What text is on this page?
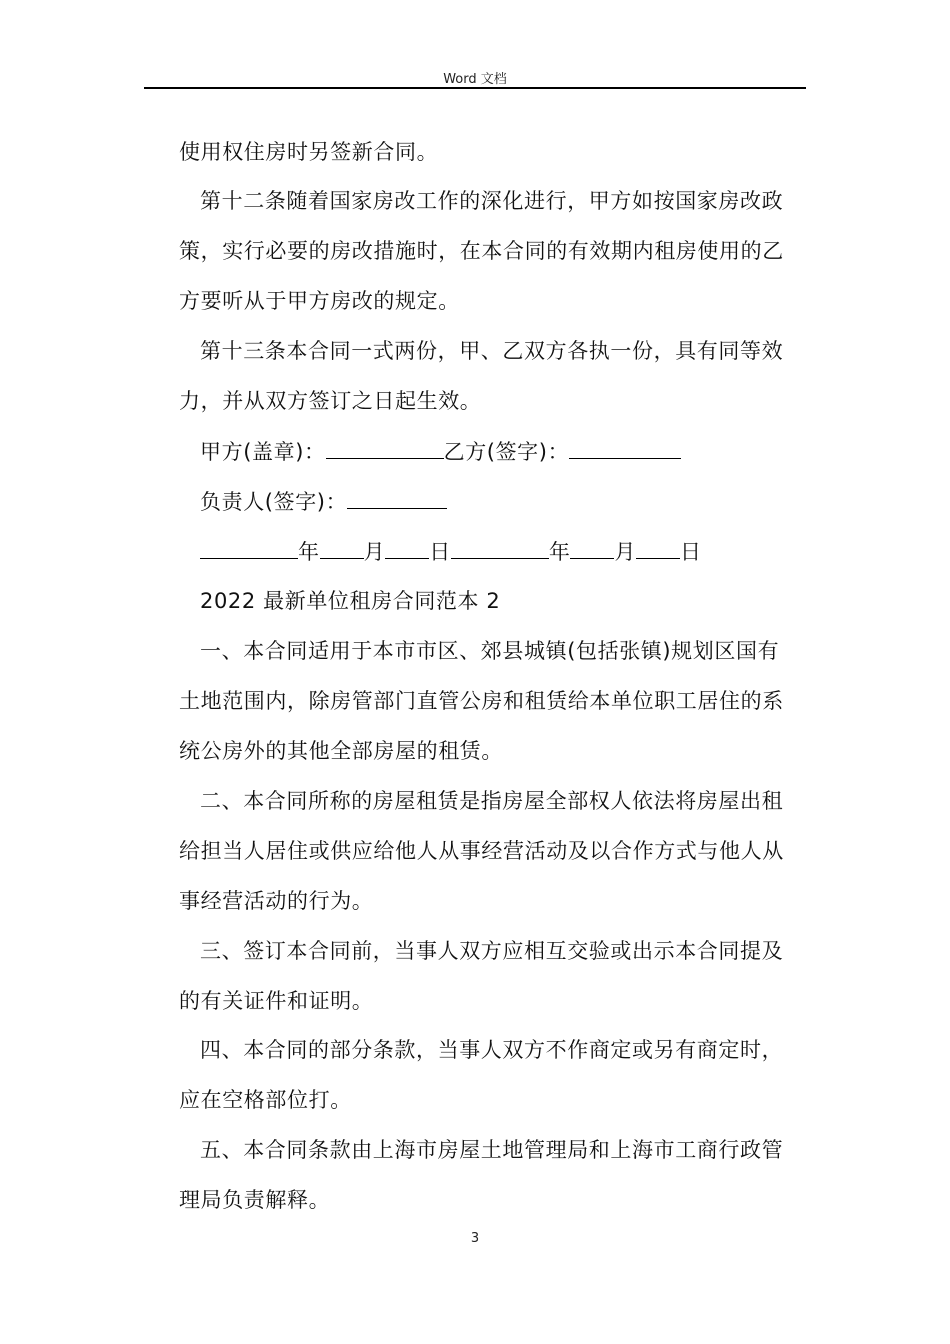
Word 文档
使用权住房时另签新合同。
第十二条随着国家房改工作的深化进行，甲方如按国家房改政
策，实行必要的房改措施时，在本合同的有效期内租房使用的乙
方要听从于甲方房改的规定。
第十三条本合同一式两份，甲、乙双方各执一份，具有同等效
力，并从双方签订之日起生效。
甲方(盖章)：	乙方(签字)：
负责人(签字)：
年 月 日	年 月 日
2022 最新单位租房合同范本 2
一、本合同适用于本市市区、郊县城镇(包括张镇)规划区国有
土地范围内，除房管部门直管公房和租赁给本单位职工居住的系
统公房外的其他全部房屋的租赁。
二、本合同所称的房屋租赁是指房屋全部权人依法将房屋出租
给担当人居住或供应给他人从事经营活动及以合作方式与他人从
事经营活动的行为。
三、签订本合同前，当事人双方应相互交验或出示本合同提及
的有关证件和证明。
四、本合同的部分条款，当事人双方不作商定或另有商定时，
应在空格部位打。
五、本合同条款由上海市房屋土地管理局和上海市工商行政管
理局负责解释。
3
